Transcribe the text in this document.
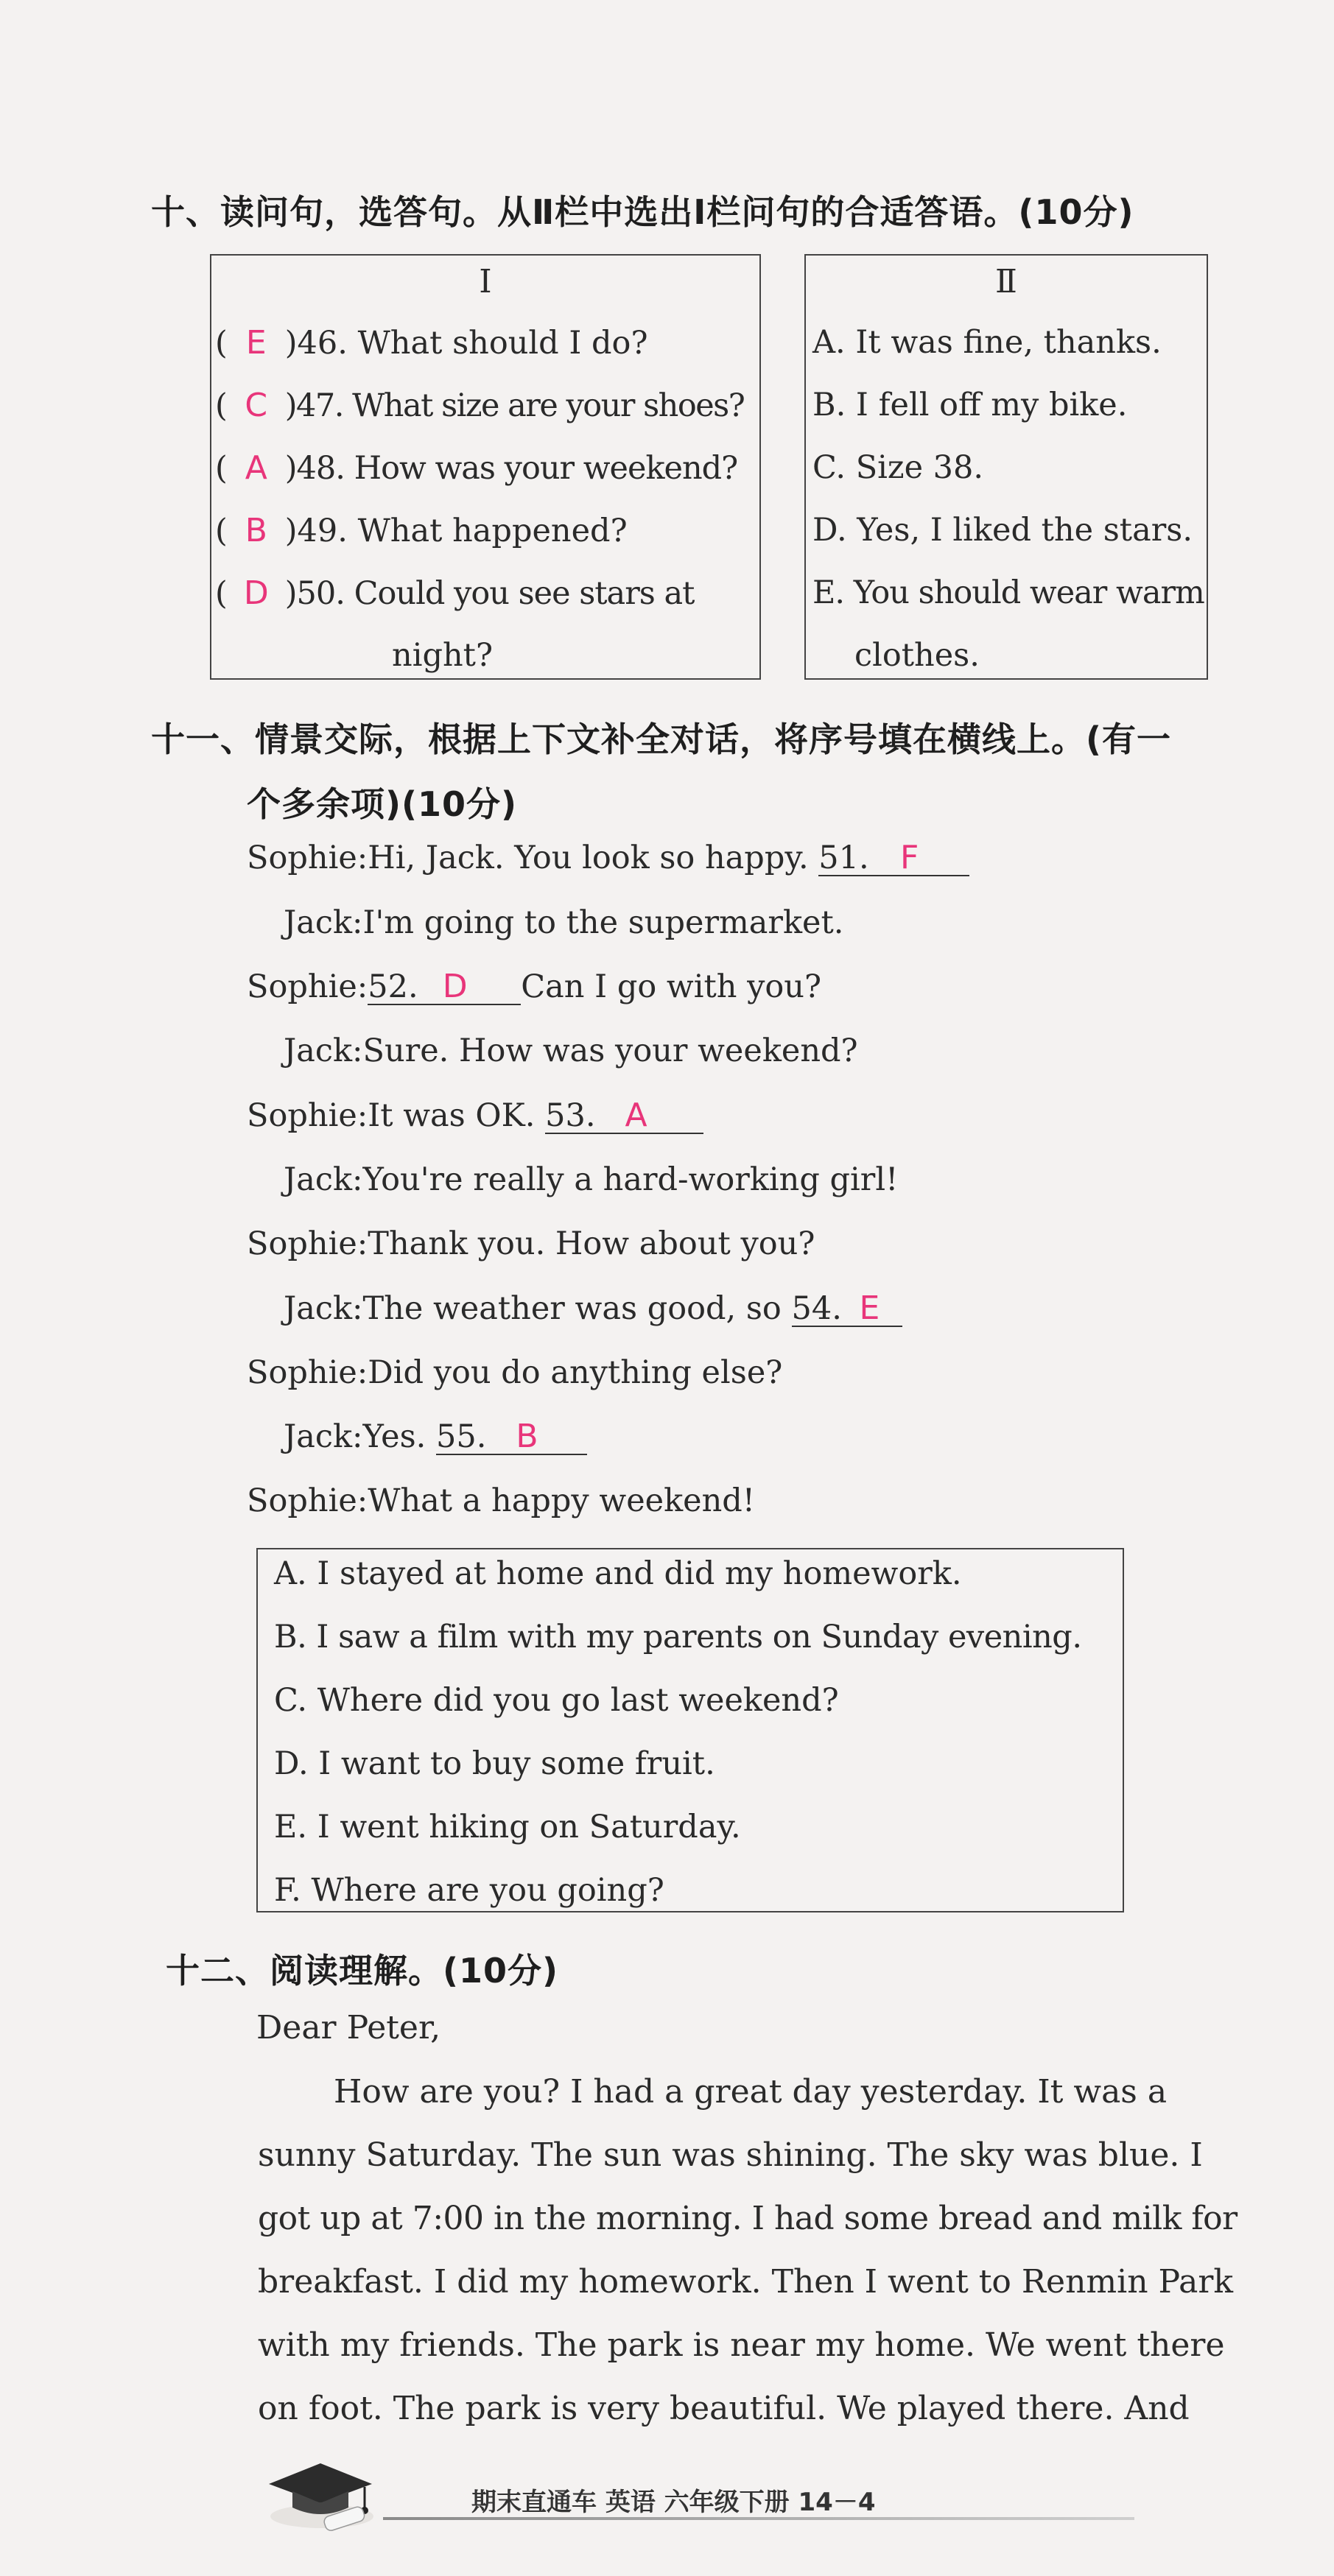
十、读问句，选答句。从Ⅱ栏中选出Ⅰ栏问句的合适答语。(10分)
Ⅰ	Ⅱ
( E )46. What should I do?
( C )47. What size are your shoes?
( A )48. How was your weekend?
( B )49. What happened?
( D )50. Could you see stars at
night?
A. It was fine, thanks.
B. I fell off my bike.
C. Size 38.
D. Yes, I liked the stars.
E. You should wear warm
clothes.
十一、情景交际，根据上下文补全对话，将序号填在横线上。(有一
个多余项)(10分)
Sophie:Hi, Jack. You look so happy. 51. F
Jack:I'm going to the supermarket.
Sophie:52. D Can I go with you?
Jack:Sure. How was your weekend?
Sophie:It was OK. 53. A
Jack:You're really a hard-working girl!
Sophie:Thank you. How about you?
Jack:The weather was good, so 54. E
Sophie:Did you do anything else?
Jack:Yes. 55. B
Sophie:What a happy weekend!
A. I stayed at home and did my homework.
B. I saw a film with my parents on Sunday evening.
C. Where did you go last weekend?
D. I want to buy some fruit.
E. I went hiking on Saturday.
F. Where are you going?
十二、阅读理解。(10分)
Dear Peter,
How are you? I had a great day yesterday. It was a
sunny Saturday. The sun was shining. The sky was blue. I
got up at 7:00 in the morning. I had some bread and milk for
breakfast. I did my homework. Then I went to Renmin Park
with my friends. The park is near my home. We went there
on foot. The park is very beautiful. We played there. And
期末直通车 英语 六年级下册 14－4
